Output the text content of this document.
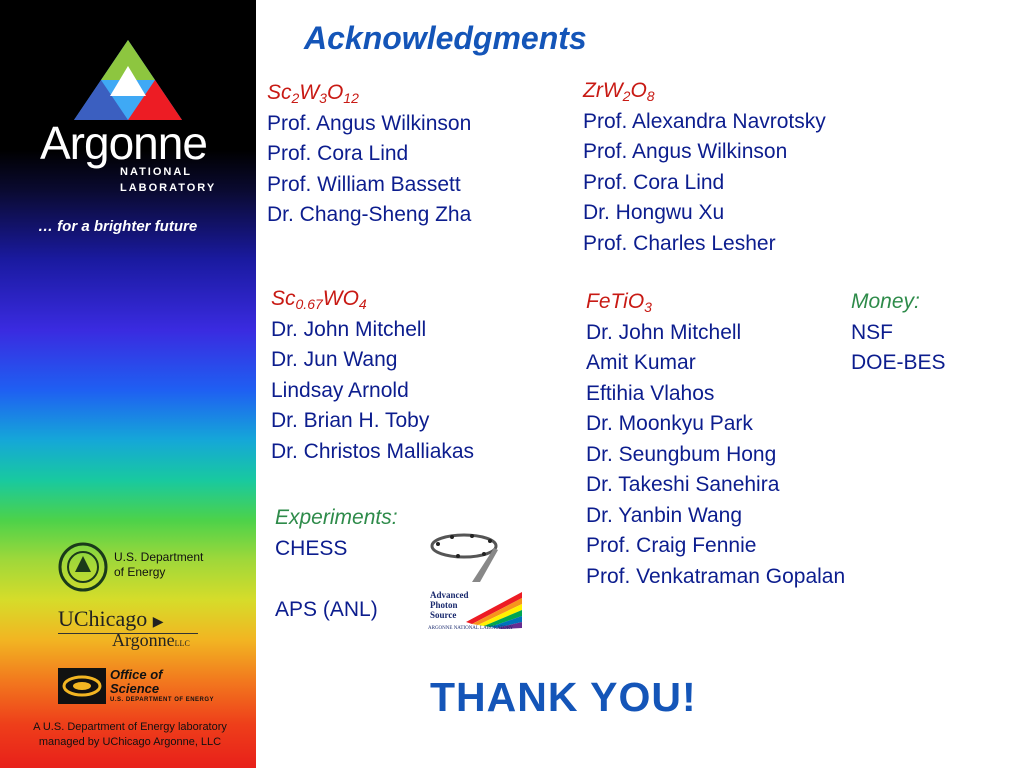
Argonne
NATIONAL
LABORATORY
… for a brighter future
U.S. Department
of Energy
UChicago ▶
ArgonneLLC
Office of
Science
U.S. DEPARTMENT OF ENERGY
A U.S. Department of Energy laboratory
managed by UChicago Argonne, LLC
Acknowledgments
$Sc_2W_3O_{12}$
Prof. Angus Wilkinson
Prof. Cora Lind
Prof. William Bassett
Dr. Chang-Sheng Zha
$ZrW_2O_8$
Prof. Alexandra Navrotsky
Prof. Angus Wilkinson
Prof. Cora Lind
Dr. Hongwu Xu
Prof. Charles Lesher
$Sc_{0.67}WO_4$
Dr. John Mitchell
Dr. Jun Wang
Lindsay Arnold
Dr. Brian H. Toby
Dr. Christos Malliakas
FeTiO$_3$
Dr. John Mitchell
Amit Kumar
Eftihia Vlahos
Dr. Moonkyu Park
Dr. Seungbum Hong
Dr. Takeshi Sanehira
Dr. Yanbin Wang
Prof. Craig Fennie
Prof. Venkatraman Gopalan
Money:
NSF
DOE-BES
Experiments:
CHESS

APS (ANL)
Advanced
Photon
Source
ARGONNE NATIONAL LABORATORY
THANK YOU!
